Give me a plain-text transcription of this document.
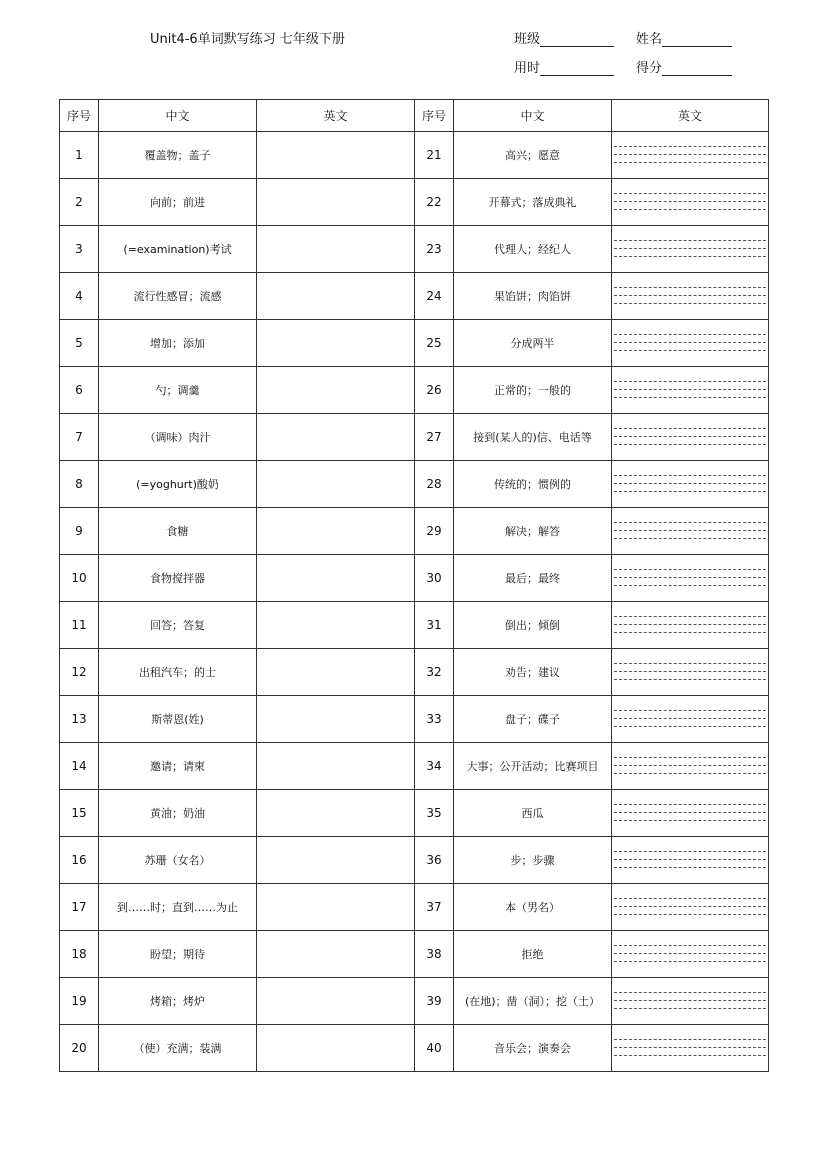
Unit4-6单词默写练习 七年级下册	班级	姓名
用时	得分
序号	中文	英文	序号	中文	英文
1	覆盖物；盖子		21	高兴；愿意	

2	向前；前进		22	开幕式；落成典礼	

3	(=examination)考试		23	代理人；经纪人	

4	流行性感冒；流感		24	果馅饼；肉馅饼	

5	增加；添加		25	分成两半	

6	勺；调羹		26	正常的；一般的	

7	（调味）肉汁		27	接到(某人的)信、电话等	

8	(=yoghurt)酸奶		28	传统的；惯例的	

9	食糖		29	解决；解答	

10	食物搅拌器		30	最后；最终	

11	回答；答复		31	倒出；倾倒	

12	出租汽车；的士		32	劝告；建议	

13	斯蒂恩(姓)		33	盘子；碟子	

14	邀请；请柬		34	大事；公开活动；比赛项目	

15	黄油；奶油		35	西瓜	

16	苏珊（女名）		36	步；步骤	

17	到……时；直到……为止		37	本（男名）	

18	盼望；期待		38	拒绝	

19	烤箱；烤炉		39	(在地)；凿（洞）；挖（土）	

20	（使）充满；装满		40	音乐会；演奏会	
